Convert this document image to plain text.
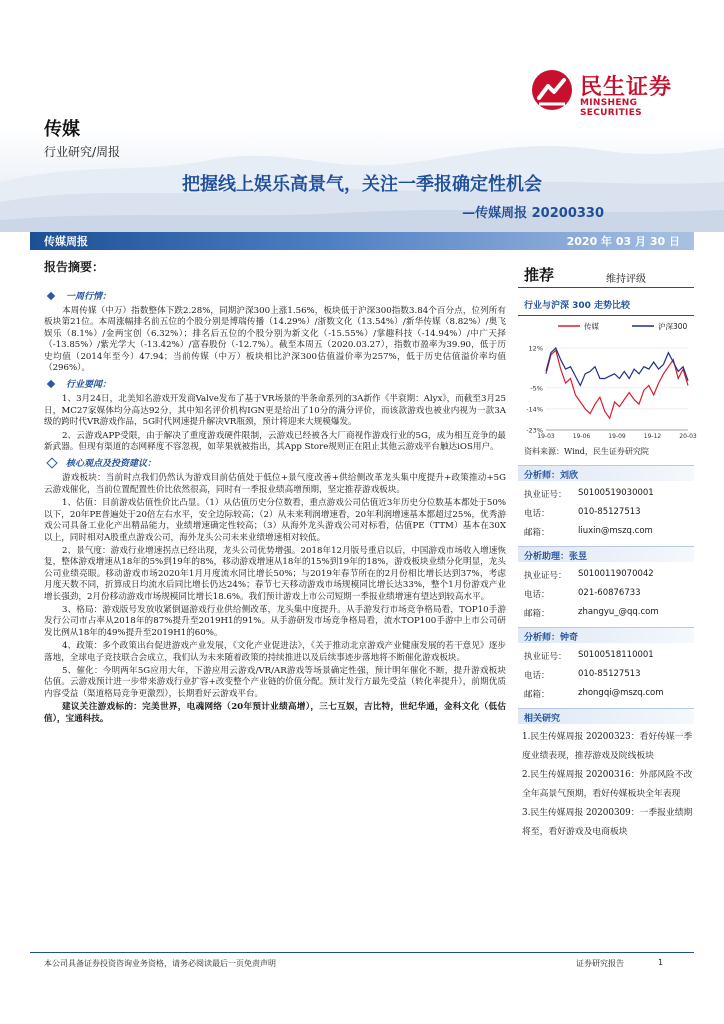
民生证券
MINSHENG SECURITIES
传媒
行业研究/周报
把握线上娱乐高景气，关注一季报确定性机会
—传媒周报 20200330
传媒周报	2020 年 03 月 30 日
报告摘要：
一周行情：

本周传媒（中万）指数整体下跌2.28%，同期沪深300上涨1.56%，板块低于沪深300指数3.84个百分点，位列所有板块第21位。本周涨幅排名前五位的个股分别是博瑞传播（14.29%）/浙数文化（13.54%）/新华传媒（8.82%）/奥飞娱乐（8.1%）/金两宝创（6.32%）；排名后五位的个股分别为新文化（-15.55%）/掌趣科技（-14.94%）/中广天择（-13.85%）/紫光学大（-13.42%）/富春股份（-12.7%）。截至本周五（2020.03.27），指数市盈率为39.90，低于历史均值（2014年至今）47.94；当前传媒（中万）板块相比沪深300估值溢价率为257%，低于历史估值溢价率均值（296%）。

行业要闻：

1、3月24日，北美知名游戏开发商Valve发布了基于VR场景的半条命系列的3A新作《半衰期：Alyx》，而截至3月25日，MC27家媒体均分高达92分，其中知名评价机构IGN更是给出了10分的满分评价，而该款游戏也被业内视为一款3A级的跨时代VR游戏作品，5G时代网速提升解决VR瓶颈，预计将迎来大规模爆发。

2、云游戏APP受限，由于解决了重度游戏硬件限制，云游戏已经被各大厂商视作游戏行业的5G，成为相互竞争的最新武器。但现有渠道的态网释度不容忽视，如苹果就被指出，其App Store规则正在阻止其他云游戏平台触达iOS用户。

核心观点及投资建议：

游戏板块：当前时点我们仍然认为游戏目前估值处于低位+景气度改善+供给侧改革龙头集中度提升+政策推动+5G云游戏催化，当前位置配置性价比依然很高，同时有一季报业绩高增预期，坚定推荐游戏板块。

1、估值：目前游戏估值性价比凸显。（1）从估值历史分位数看，重点游戏公司估值近3年历史分位数基本都处于50%以下，20年PE普遍处于20倍左右水平，安全边际较高；（2）从未来利润增速看，20年利润增速基本都超过25%，优秀游戏公司具备工业化产出精品能力，业绩增速确定性较高；（3）从海外龙头游戏公司对标看，估值PE（TTM）基本在30X以上，同时相对A股重点游戏公司，海外龙头公司未来业绩增速相对较低。

2、景气度：游戏行业增速拐点已经出现，龙头公司优势增强。2018年12月版号重启以后，中国游戏市场收入增速恢复，整体游戏增速从18年的5%到19年的8%，移动游戏增速从18年的15%到19年的18%，游戏板块业绩分化明显，龙头公司业绩亮眼。移动游戏市场2020年1月月度流水同比增长50%；与2019年春节所在的2月份相比增长达到37%，考虑月度天数不同，折算成日均流水后同比增长仍达24%；春节七天移动游戏市场规模同比增长达33%，整个1月份游戏产业增长强劲，2月份移动游戏市场规模同比增长18.6%。我们预计游戏上市公司短期一季报业绩增速有望达到较高水平。

3、格局：游戏版号发放收紧倒逼游戏行业供给侧改革，龙头集中度提升。从手游发行市场竞争格局看，TOP10手游发行公司市占率从2018年的87%提升至2019H1的91%。从手游研发市场竞争格局看，流水TOP100手游中上市公司研发比例从18年的49%提升至2019H1的60%。

4、政策：多个政策出台促进游戏产业发展，《文化产业促进法》，《关于推动北京游戏产业健康发展的若干意见》逐步落地，全球电子竞技联合会成立，我们认为未来随着政策的持续推进以及后续事迹步落地将不断催化游戏板块。

5、催化：今明两年5G应用大年，下游应用云游戏/VR/AR游戏等场景确定性强，预计明年催化不断，提升游戏板块估值。云游戏预计进一步带来游戏行业扩容+改变整个产业链的价值分配。预计发行方最先受益（转化率提升），前期优质内容受益（渠道格局竞争更激烈），长期看好云游戏平台。

建议关注游戏标的：完美世界，电魂网络（20年预计业绩高增），三七互娱，吉比特，世纪华通，金科文化（低估值），宝通科技。

推荐	维持评级
行业与沪深 300 走势比较
传媒	沪深300
12%
-5%
-14%
-23%
19-03	19-06	19-09	19-12	20-03
资料来源：Wind，民生证券研究院
分析师：刘欣
执业证号：	S0100519030001
电话：	010-85127513
邮箱：	liuxin@mszq.com
分析助理：张昱
执业证号：	S0100119070042
电话：	021-60876733
邮箱：	zhangyu_@qq.com
分析师：钟奇
执业证号：	S0100518110001
电话：	010-85127513
邮箱：	zhongqi@mszq.com
相关研究
1.民生传媒周报 20200323：看好传媒一季度业绩表现，推荐游戏及院线板块
2.民生传媒周报 20200316：外部风险不改全年高景气预期，看好传媒板块全年表现
3.民生传媒周报 20200309：一季报业绩期将至，看好游戏及电商板块
本公司具备证券投资咨询业务资格，请务必阅读最后一页免责声明	证券研究报告	1
